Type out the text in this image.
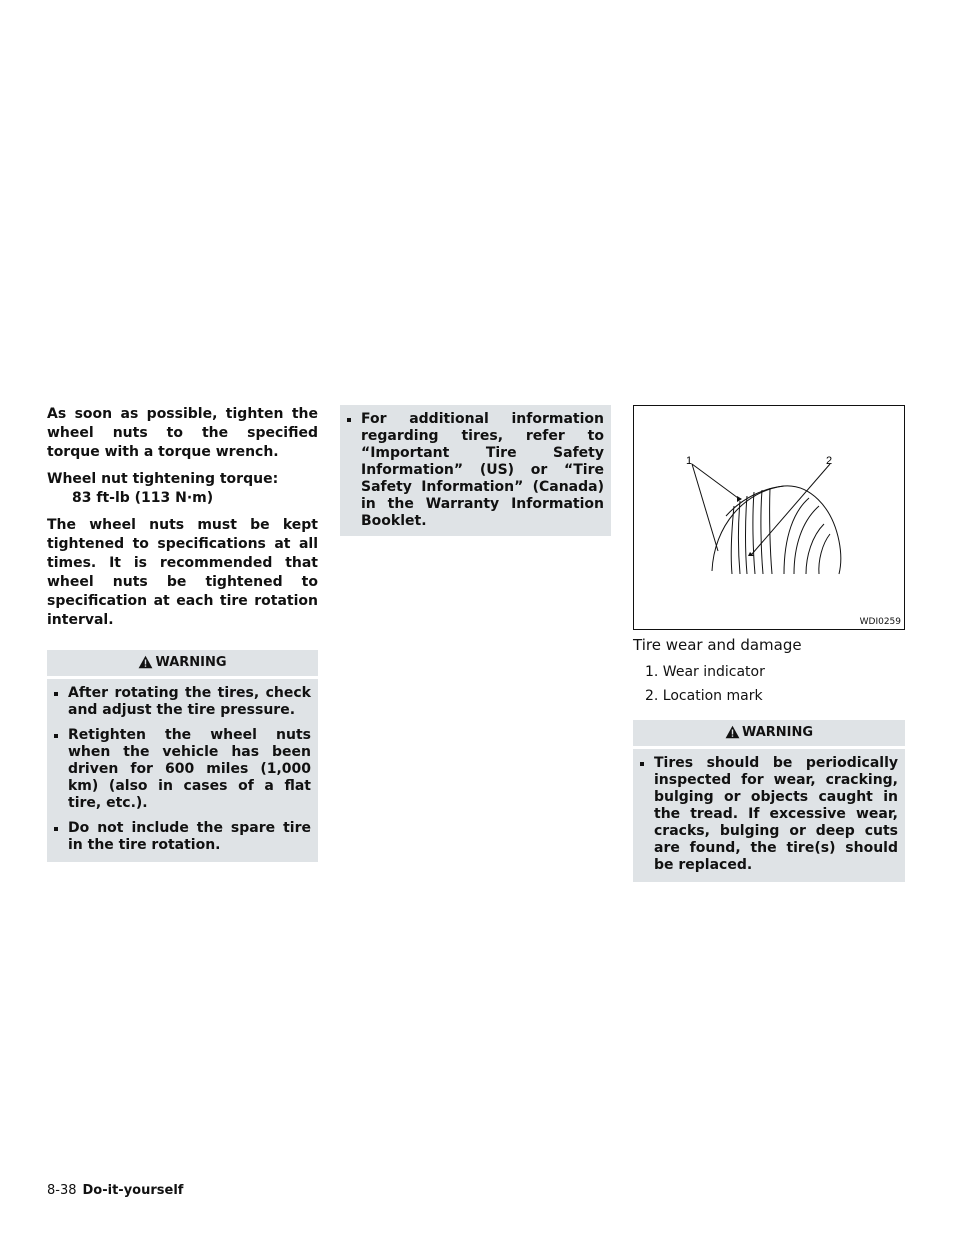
As soon as possible, tighten the wheel nuts to the specified torque with a torque wrench.

Wheel nut tightening torque:
83 ft-lb (113 N·m)

The wheel nuts must be kept tightened to specifications at all times. It is recommended that wheel nuts be tightened to specification at each tire rotation interval.

WARNING
After rotating the tires, check and adjust the tire pressure.
Retighten the wheel nuts when the vehicle has been driven for 600 miles (1,000 km) (also in cases of a flat tire, etc.).
Do not include the spare tire in the tire rotation.
For additional information regarding tires, refer to “Important Tire Safety Information” (US) or “Tire Safety Information” (Canada) in the Warranty Information Booklet.
1	2
WDI0259
Tire wear and damage
1. Wear indicator
2. Location mark
WARNING
Tires should be periodically inspected for wear, cracking, bulging or objects caught in the tread. If excessive wear, cracks, bulging or deep cuts are found, the tire(s) should be replaced.
8-38 Do-it-yourself
